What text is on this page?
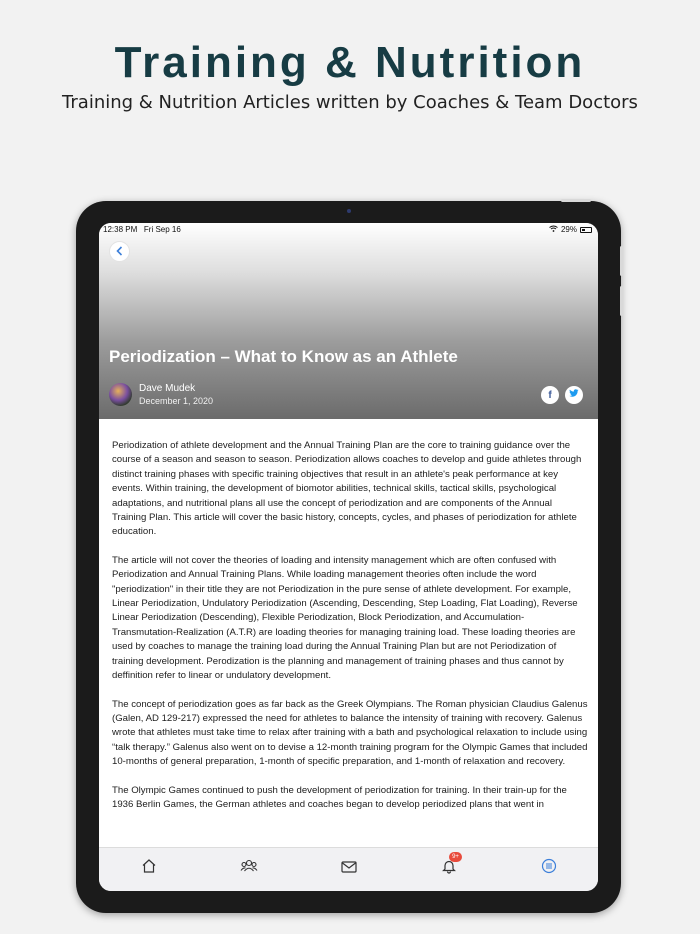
Training & Nutrition
Training & Nutrition Articles written by Coaches & Team Doctors
12:38 PM Fri Sep 16	29%
Periodization – What to Know as an Athlete
Dave Mudek
December 1, 2020
f

Periodization of athlete development and the Annual Training Plan are the core to training guidance over the course of a season and season to season. Periodization allows coaches to develop and guide athletes through distinct training phases with specific training objectives that result in an athlete's peak performance at key events. Within training, the development of biomotor abilities, technical skills, tactical skills, psychological adaptations, and nutritional plans all use the concept of periodization and are components of the Annual Training Plan. This article will cover the basic history, concepts, cycles, and phases of periodization for athlete education.

The article will not cover the theories of loading and intensity management which are often confused with Periodization and Annual Training Plans. While loading management theories often include the word "periodization" in their title they are not Periodization in the pure sense of athlete development. For example, Linear Periodization, Undulatory Periodization (Ascending, Descending, Step Loading, Flat Loading), Reverse Linear Periodization (Descending), Flexible Periodization, Block Periodization, and Accumulation-Transmutation-Realization (A.T.R) are loading theories for managing training load. These loading theories are used by coaches to manage the training load during the Annual Training Plan but are not Periodization of training development. Perodization is the planning and management of training phases and thus cannot by deffinition refer to linear or undulatory development.

The concept of periodization goes as far back as the Greek Olympians. The Roman physician Claudius Galenus (Galen, AD 129-217) expressed the need for athletes to balance the intensity of training with recovery. Galenus wrote that athletes must take time to relax after training with a bath and psychological relaxation to include using “talk therapy.” Galenus also went on to devise a 12-month training program for the Olympic Games that included 10-months of general preparation, 1-month of specific preparation, and 1-month of relaxation and recovery.

The Olympic Games continued to push the development of periodization for training. In their train-up for the 1936 Berlin Games, the German athletes and coaches began to develop periodized plans that went in

9+
